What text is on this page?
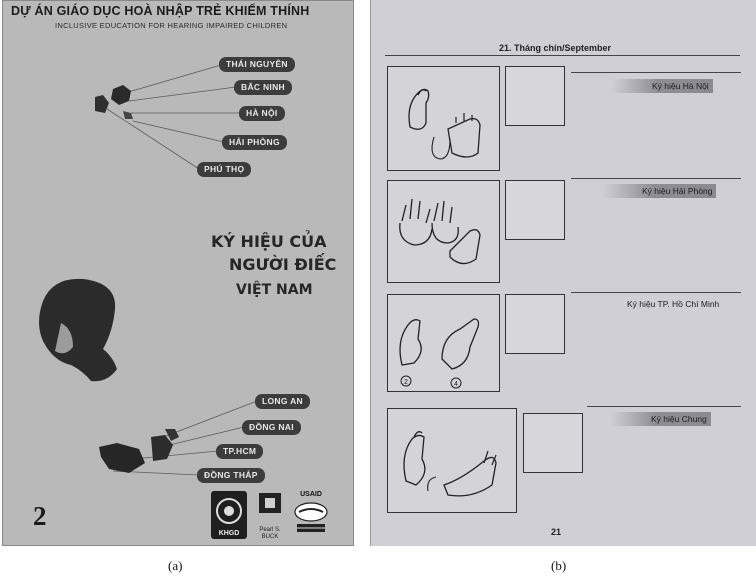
DỰ ÁN GIÁO DỤC HOÀ NHẬP TRẺ KHIẾM THÍNH
INCLUSIVE EDUCATION FOR HEARING IMPAIRED CHILDREN
THÁI NGUYÊN
BẮC NINH
HÀ NỘI
HẢI PHÒNG
PHÚ THỌ
KÝ HIỆU CỦA
NGƯỜI ĐIẾC
VIỆT NAM
LONG AN
ĐỒNG NAI
TP.HCM
ĐỒNG THÁP
2
KHGD	Pearl S. BUCK
USAID
21. Tháng chín/September
Ký hiệu Hà Nội
Ký hiệu Hải Phòng
2	4
Ký hiệu TP. Hồ Chí Minh
Ký hiệu Chung
21
(a)	(b)
